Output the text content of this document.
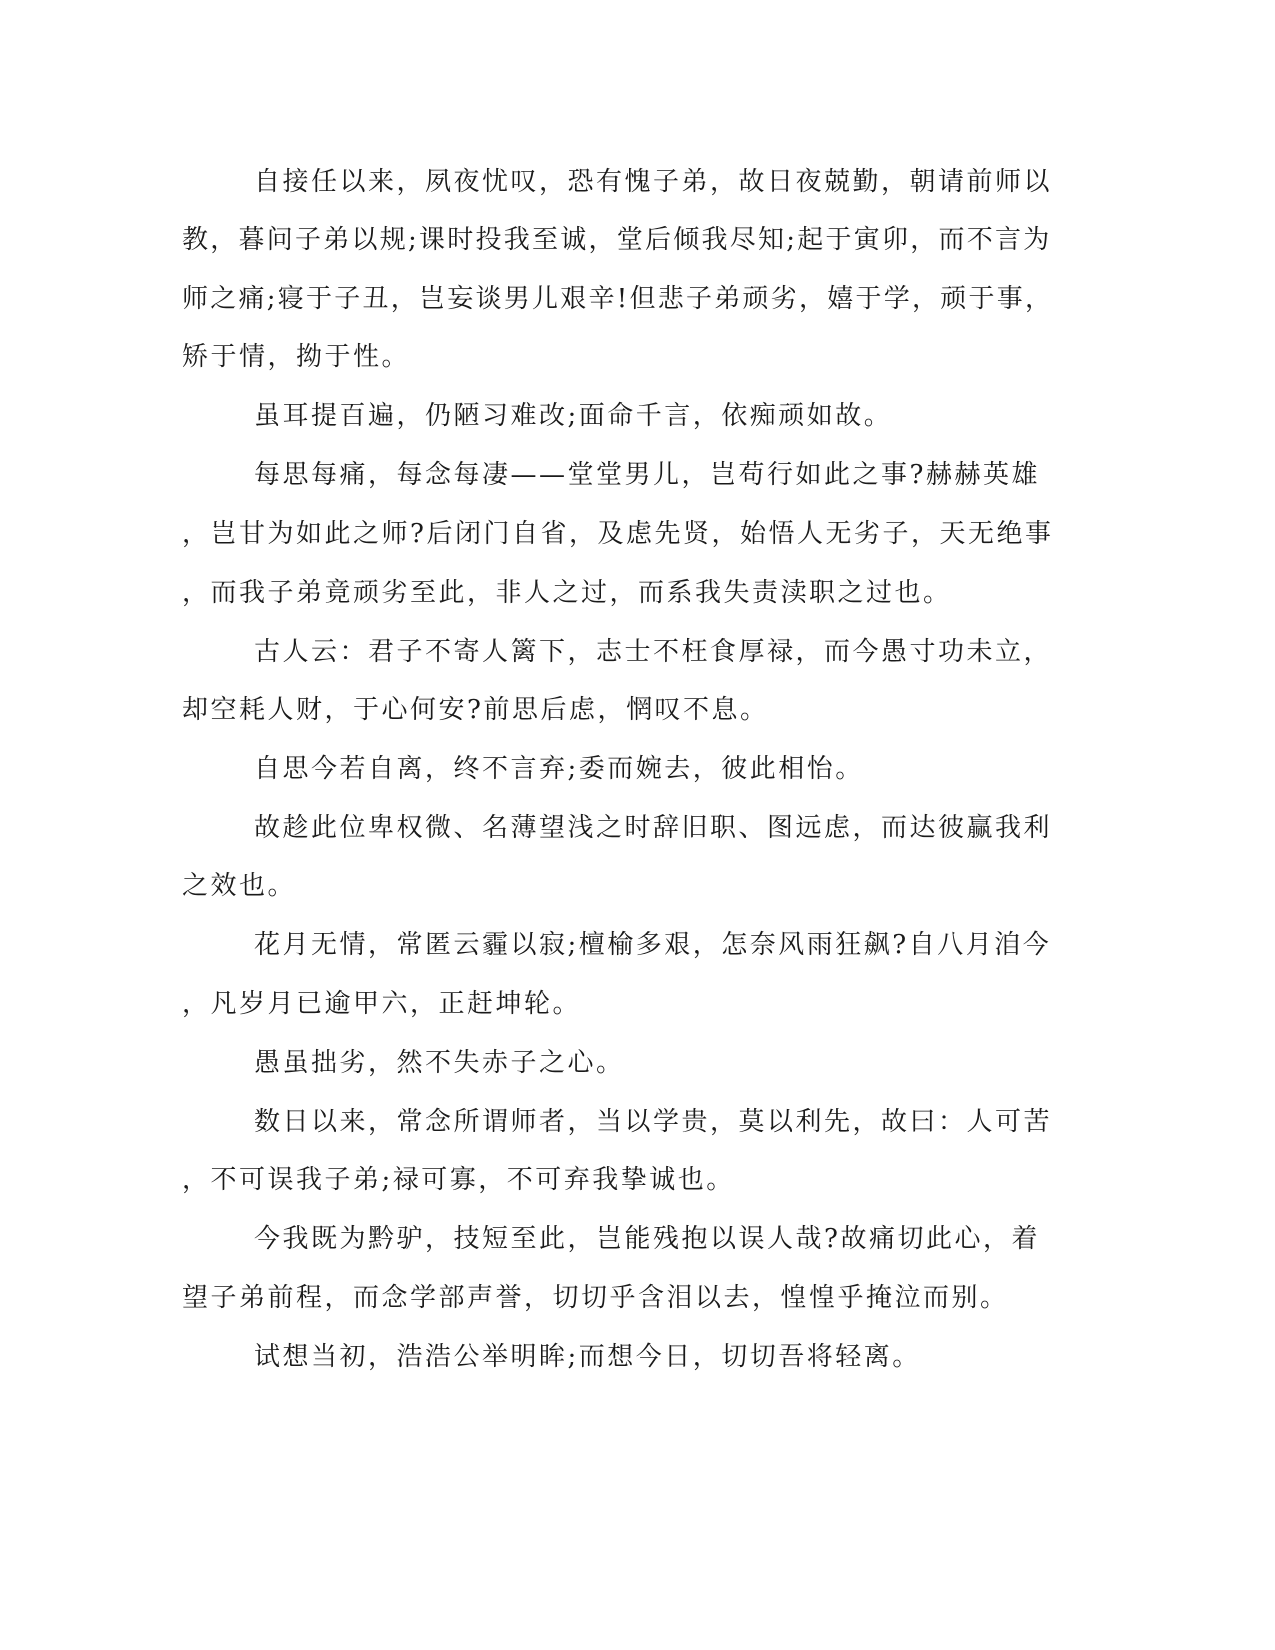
自接任以来，夙夜忧叹，恐有愧子弟，故日夜兢勤，朝请前师以
教，暮问子弟以规;课时投我至诚，堂后倾我尽知;起于寅卯，而不言为
师之痛;寝于子丑，岂妄谈男儿艰辛!但悲子弟顽劣，嬉于学，顽于事，
矫于情，拗于性。
虽耳提百遍，仍陋习难改;面命千言，依痴顽如故。
每思每痛，每念每凄——堂堂男儿，岂苟行如此之事?赫赫英雄
，岂甘为如此之师?后闭门自省，及虑先贤，始悟人无劣子，天无绝事
，而我子弟竟顽劣至此，非人之过，而系我失责渎职之过也。
古人云：君子不寄人篱下，志士不枉食厚禄，而今愚寸功未立，
却空耗人财，于心何安?前思后虑，惘叹不息。
自思今若自离，终不言弃;委而婉去，彼此相怡。
故趁此位卑权微、名薄望浅之时辞旧职、图远虑，而达彼赢我利
之效也。
花月无情，常匿云霾以寂;檀榆多艰，怎奈风雨狂飙?自八月洎今
，凡岁月已逾甲六，正赶坤轮。
愚虽拙劣，然不失赤子之心。
数日以来，常念所谓师者，当以学贵，莫以利先，故曰：人可苦
，不可误我子弟;禄可寡，不可弃我挚诚也。
今我既为黔驴，技短至此，岂能残抱以误人哉?故痛切此心，着
望子弟前程，而念学部声誉，切切乎含泪以去，惶惶乎掩泣而别。
试想当初，浩浩公举明眸;而想今日，切切吾将轻离。
